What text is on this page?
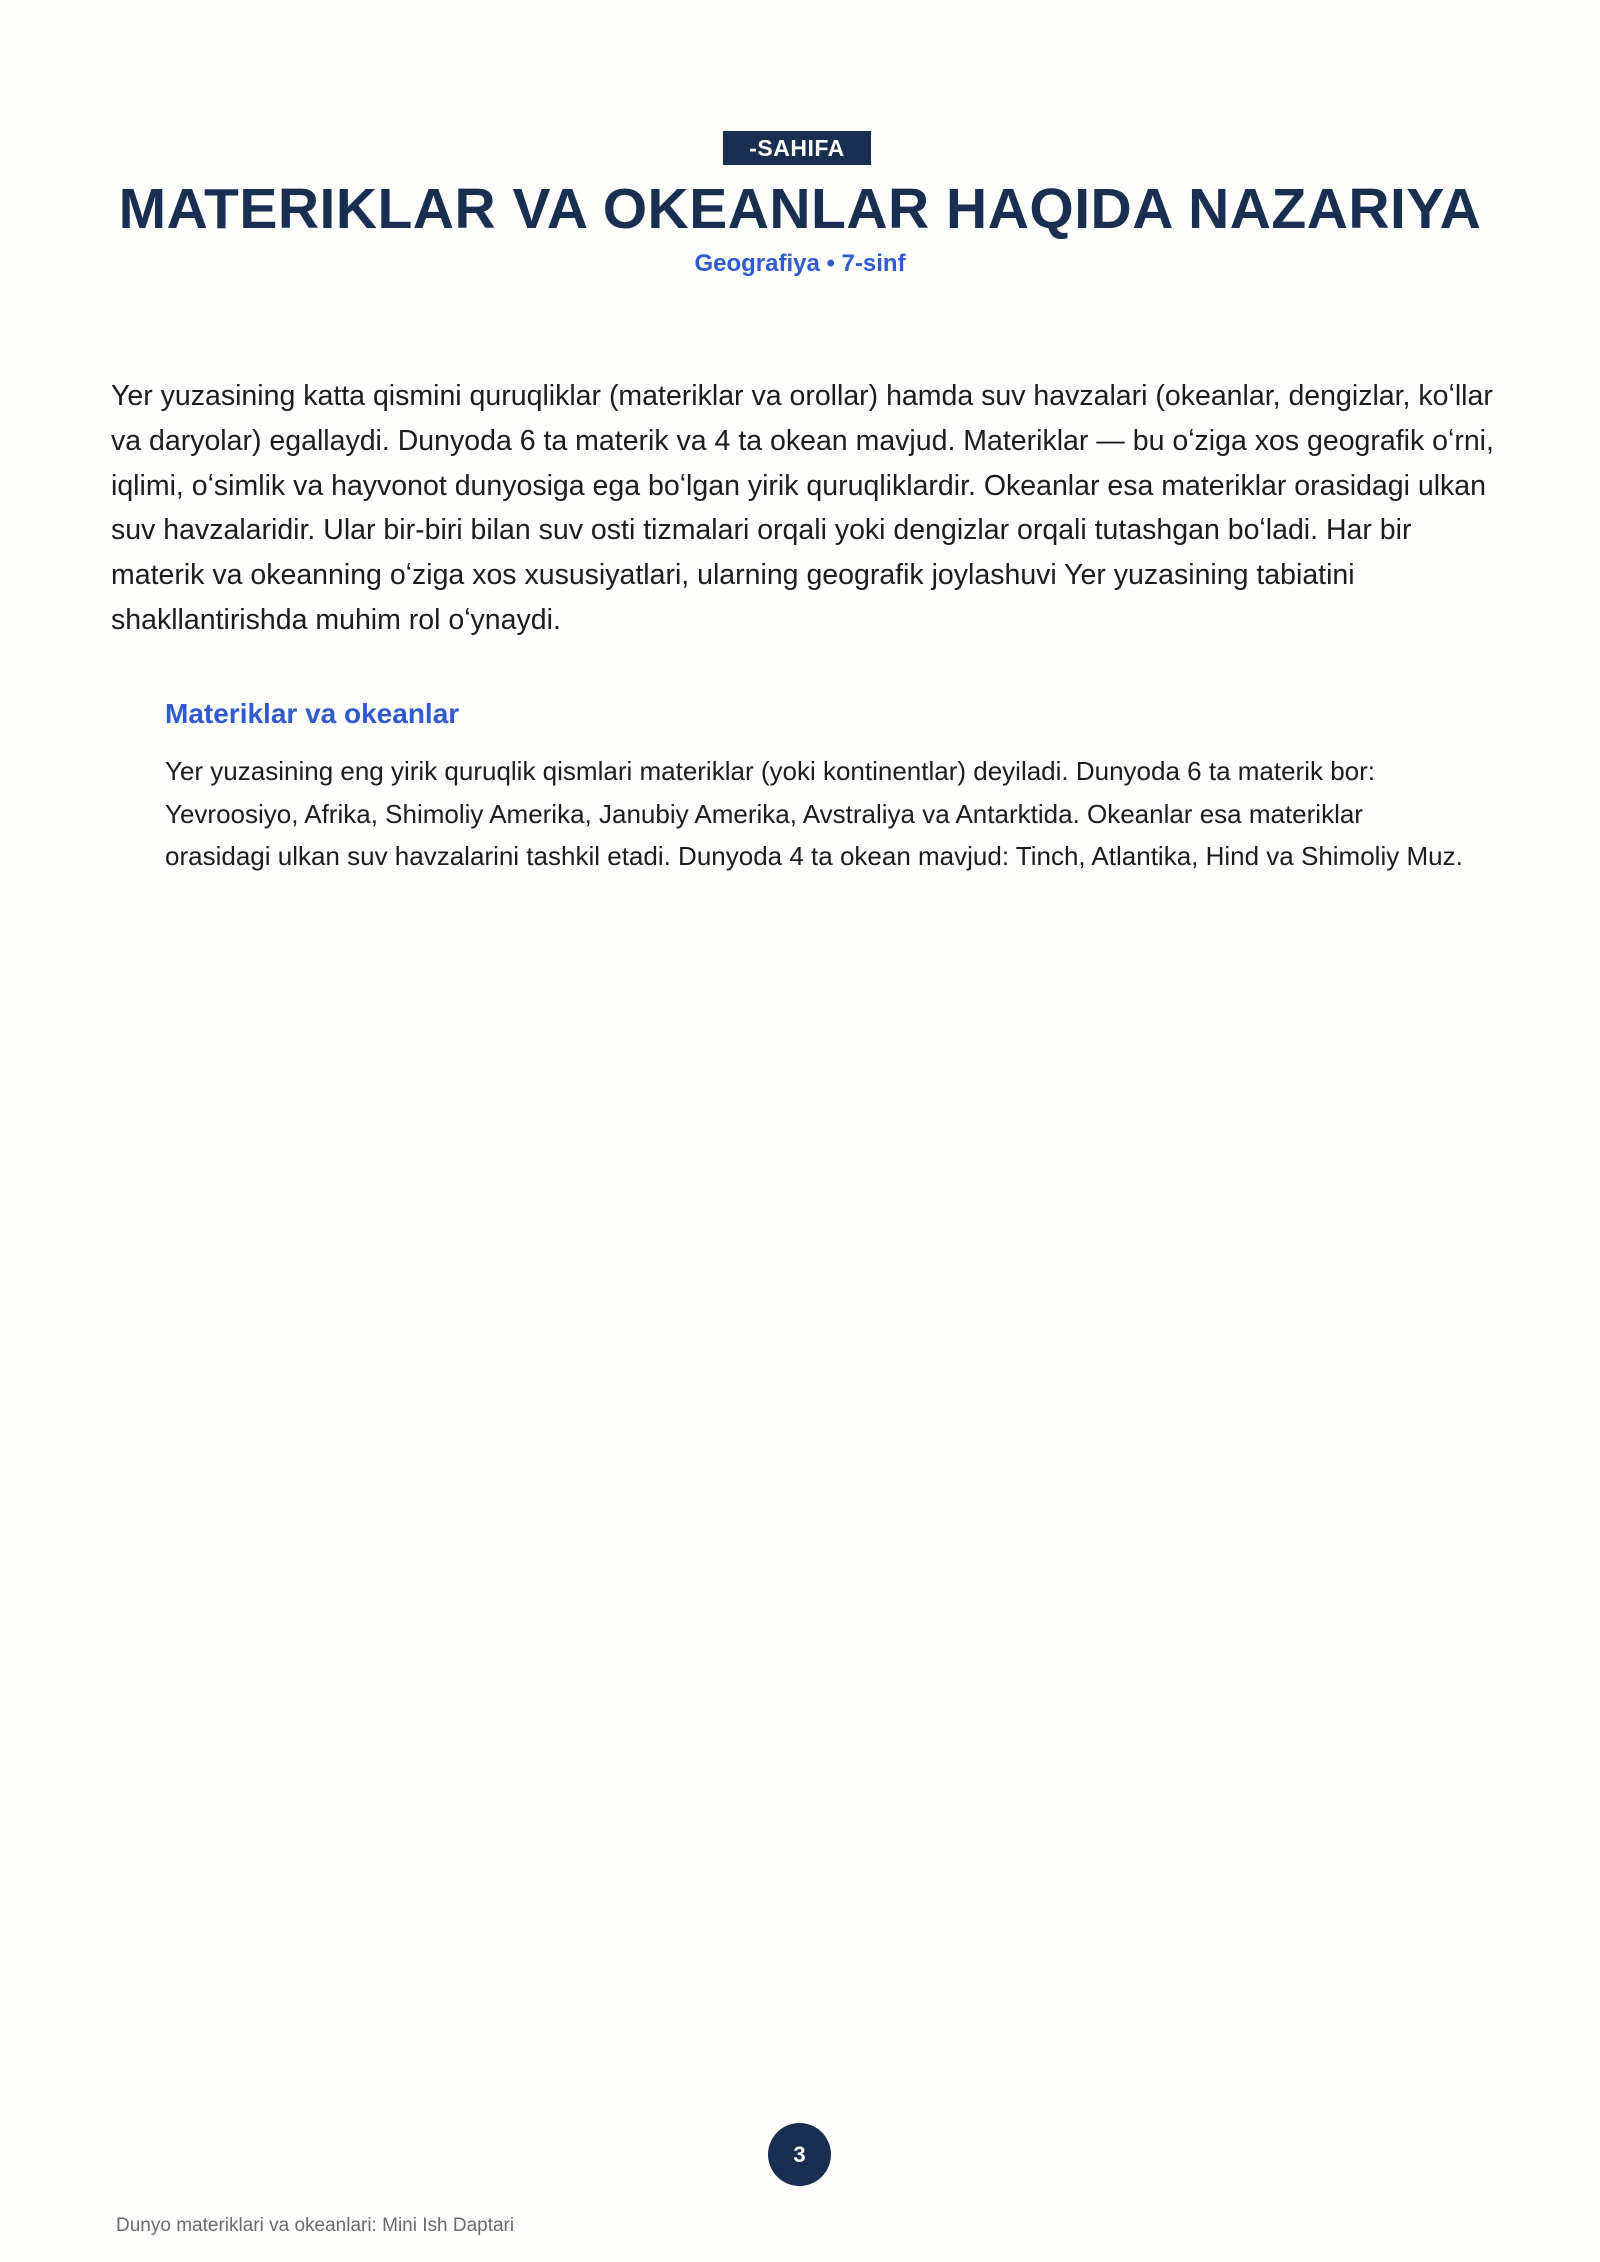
-SAHIFA
MATERIKLAR VA OKEANLAR HAQIDA NAZARIYA
Geografiya • 7-sinf

Yer yuzasining katta qismini quruqliklar (materiklar va orollar) hamda suv havzalari (okeanlar, dengizlar, koʻllar va daryolar) egallaydi. Dunyoda 6 ta materik va 4 ta okean mavjud. Materiklar — bu oʻziga xos geografik oʻrni, iqlimi, oʻsimlik va hayvonot dunyosiga ega boʻlgan yirik quruqliklardir. Okeanlar esa materiklar orasidagi ulkan suv havzalaridir. Ular bir-biri bilan suv osti tizmalari orqali yoki dengizlar orqali tutashgan boʻladi. Har bir materik va okeanning oʻziga xos xususiyatlari, ularning geografik joylashuvi Yer yuzasining tabiatini shakllantirishda muhim rol oʻynaydi.

Materiklar va okeanlar

Yer yuzasining eng yirik quruqlik qismlari materiklar (yoki kontinentlar) deyiladi. Dunyoda 6 ta materik bor: Yevroosiyo, Afrika, Shimoliy Amerika, Janubiy Amerika, Avstraliya va Antarktida. Okeanlar esa materiklar orasidagi ulkan suv havzalarini tashkil etadi. Dunyoda 4 ta okean mavjud: Tinch, Atlantika, Hind va Shimoliy Muz.

3
Dunyo materiklari va okeanlari: Mini Ish Daptari
